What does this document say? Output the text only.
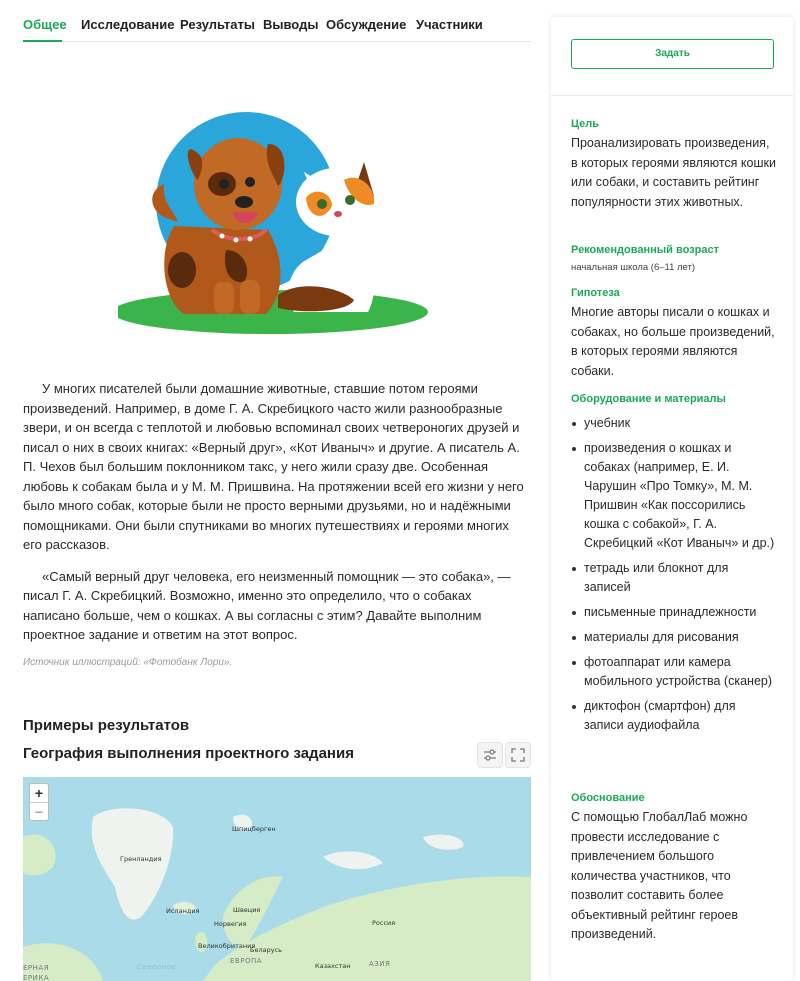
Общее Исследование Результаты Выводы Обсуждение Участники

У многих писателей были домашние животные, ставшие потом героями произведений. Например, в доме Г. А. Скребицкого часто жили разнообразные звери, и он всегда с теплотой и любовью вспоминал своих четвероногих друзей и писал о них в своих книгах: «Верный друг», «Кот Иваныч» и другие. А писатель А. П. Чехов был большим поклонником такс, у него жили сразу две. Особенная любовь к собакам была и у М. М. Пришвина. На протяжении всей его жизни у него было много собак, которые были не просто верными друзьями, но и надёжными помощниками. Они были спутниками во многих путешествиях и героями многих его рассказов.

«Самый верный друг человека, его неизменный помощник — это собака», — писал Г. А. Скребицкий. Возможно, именно это определило, что о собаках написано больше, чем о кошках. А вы согласны с этим? Давайте выполним проектное задание и ответим на этот вопрос.

Источник иллюстраций: «Фотобанк Лори».
Примеры результатов
География выполнения проектного задания
Гренландия
Шпицберген
Исландия	Швеция
Норвегия	Россия
Великобритания
Беларусь
ЕВРОПА
Казахстан	АЗИЯ
ЕРНАЯ
ЕРИКА
Северное
+
−
Задать
Цель
Проанализировать произведения, в которых героями являются кошки или собаки, и составить рейтинг популярности этих животных.
Рекомендованный возраст
начальная школа (6–11 лет)
Гипотеза
Многие авторы писали о кошках и собаках, но больше произведений, в которых героями являются собаки.
Оборудование и материалы
учебник
произведения о кошках и собаках (например, Е. И. Чарушин «Про Томку», М. М. Пришвин «Как поссорились кошка с собакой», Г. А. Скребицкий «Кот Иваныч» и др.)
тетрадь или блокнот для записей
письменные принадлежности
материалы для рисования
фотоаппарат или камера мобильного устройства (сканер)
диктофон (смартфон) для записи аудиофайла
Обоснование
С помощью ГлобалЛаб можно провести исследование с привлечением большого количества участников, что позволит составить более объективный рейтинг героев произведений.
